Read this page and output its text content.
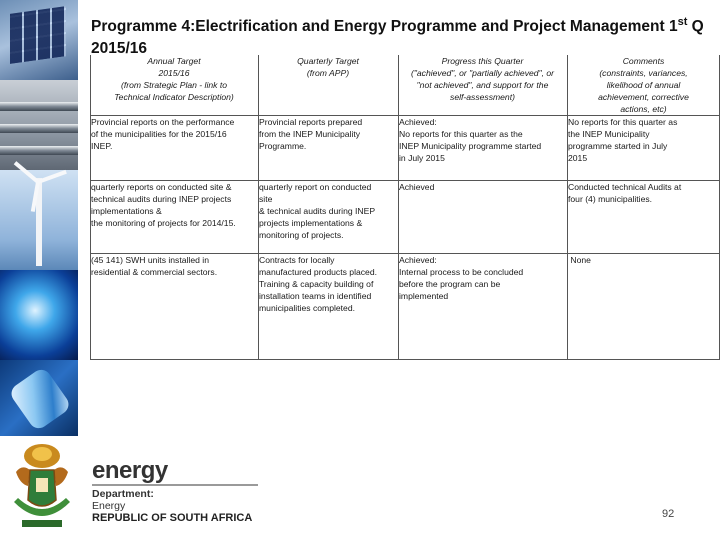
Programme 4:Electrification and Energy Programme and Project Management 1st Q
2015/16
Annual Target
2015/16
(from Strategic Plan - link to
Technical Indicator Description)
Quarterly Target
(from APP)
Progress this Quarter
("achieved", or "partially achieved", or
"not achieved", and support for the
self-assessment)
Comments
(constraints, variances,
likelihood of annual
achievement, corrective
actions, etc)
Provincial reports on the performance
of the municipalities for the 2015/16
INEP.
Provincial reports prepared
from the INEP Municipality
Programme.
Achieved:
No reports for this quarter as the
INEP Municipality programme started
in July 2015
No reports for this quarter as
the INEP Municipality
programme started in July
2015
quarterly reports on conducted site &
technical audits during INEP projects
implementations &
the monitoring of projects for 2014/15.
quarterly report on conducted
site
& technical audits during INEP
projects implementations &
monitoring of projects.
Achieved	Conducted technical Audits at
four (4) municipalities.
(45 141) SWH units installed in
residential & commercial sectors.
Contracts for locally
manufactured products placed.
Training & capacity building of
installation teams in identified
municipalities completed.
Achieved:
Internal process to be concluded
before the program can be
implemented
None
energy
Department:
Energy
REPUBLIC OF SOUTH AFRICA	92
